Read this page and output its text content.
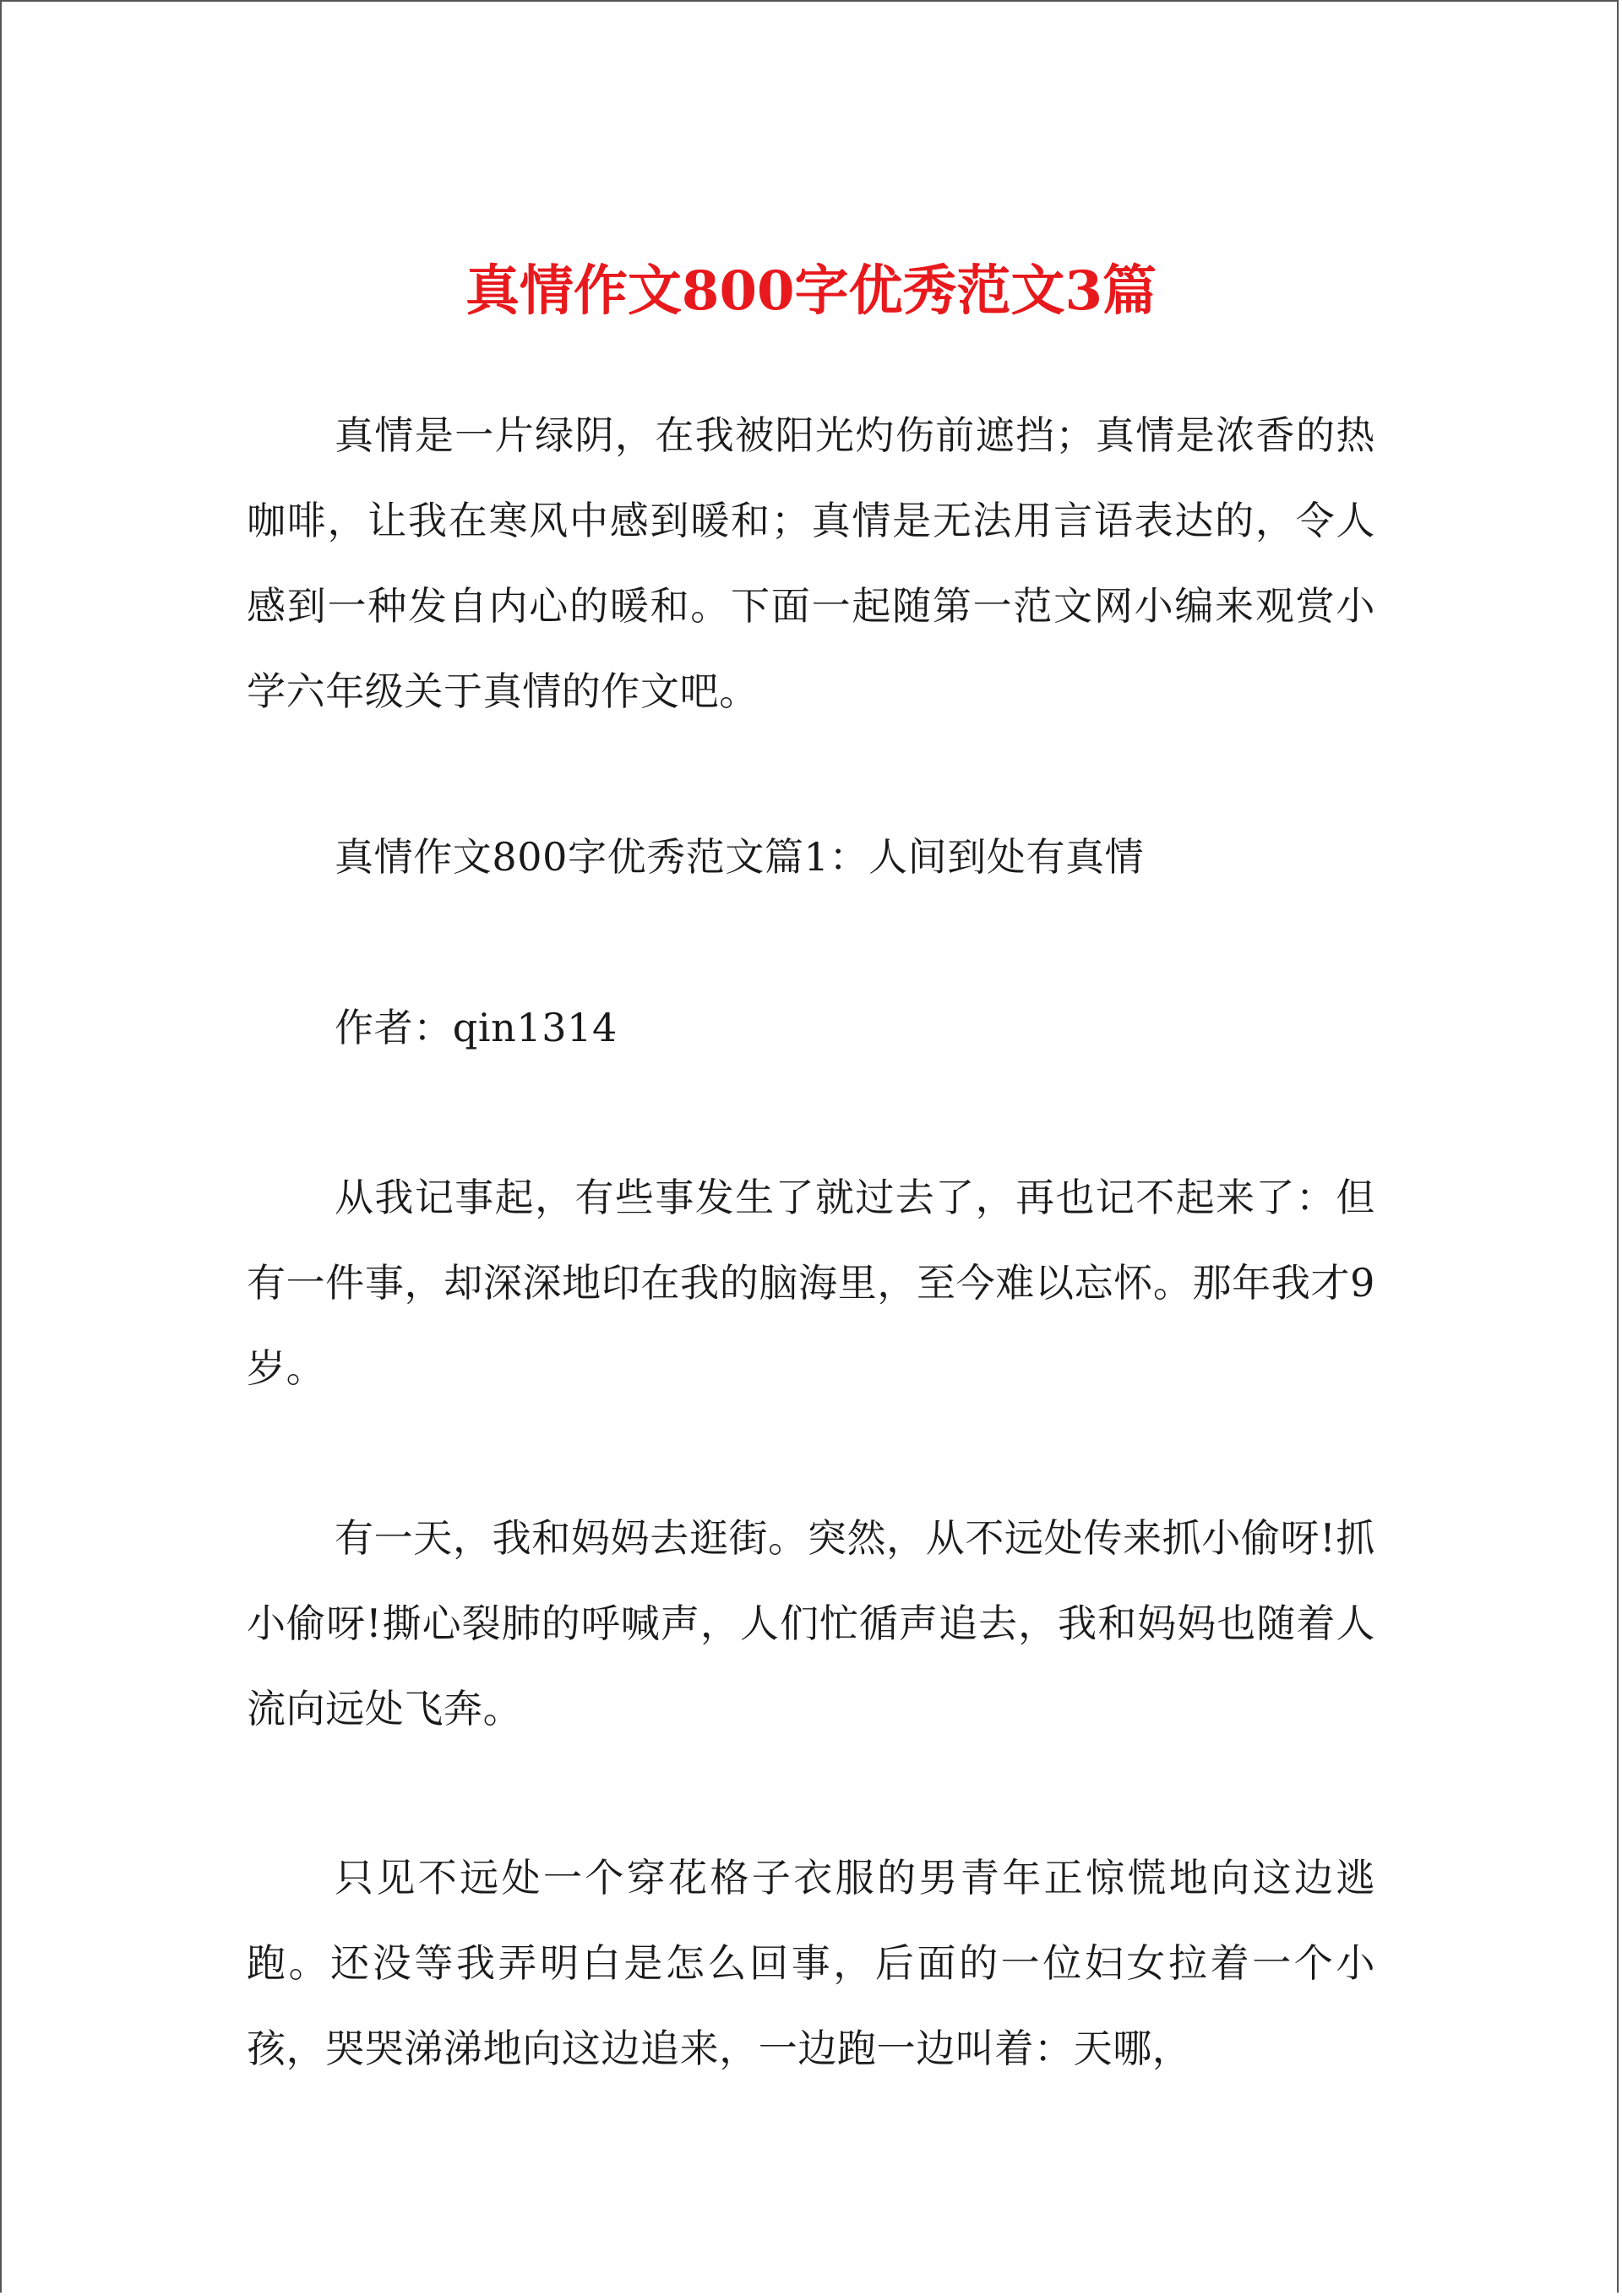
真情作文800字优秀范文3篇

真情是一片绿阴，在我被阳光灼伤前遮挡；真情是浓香的热咖啡，让我在寒风中感到暖和；真情是无法用言语表达的，令人感到一种发自内心的暖和。下面一起随第一范文网小编来观赏小学六年级关于真情的作文吧。

真情作文800字优秀范文篇1：人间到处有真情

作者：qin1314

从我记事起，有些事发生了就过去了，再也记不起来了：但有一件事，却深深地印在我的脑海里，至今难以忘怀。那年我才9岁。

有一天，我和妈妈去逛街。突然，从不远处传来抓小偷呀!抓小偷呀!撕心裂肺的呼喊声，人们忙循声追去，我和妈妈也随着人流向远处飞奔。

只见不远处一个穿花格子衣服的男青年正惊慌地向这边逃跑。还没等我弄明白是怎么回事，后面的一位妇女拉着一个小孩，哭哭涕涕地向这边追来，一边跑一边叫着：天哪，
